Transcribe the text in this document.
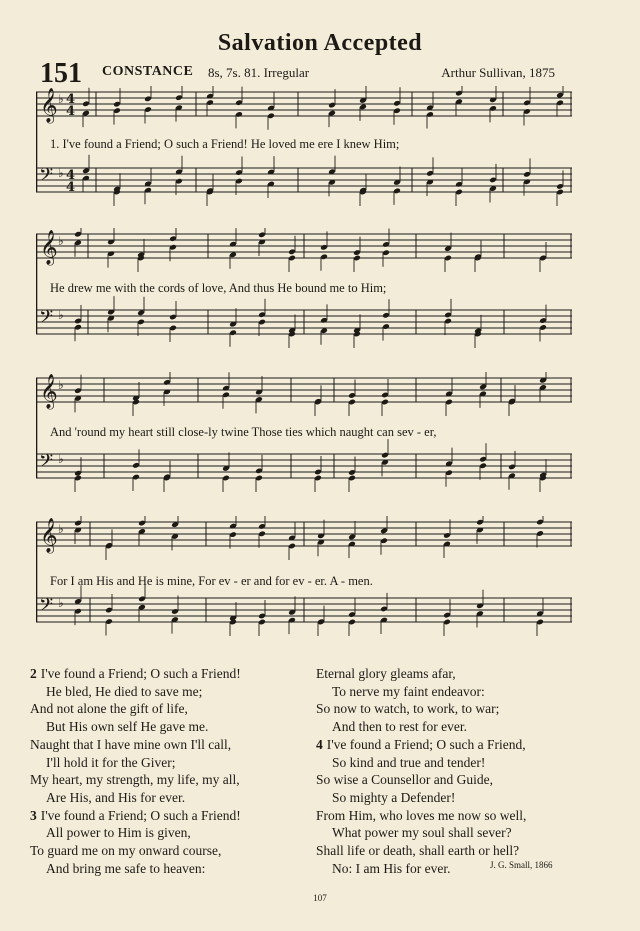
Salvation Accepted
151 CONSTANCE 8s, 7s. 81. Irregular	Arthur Sullivan, 1875
𝄞
𝄢
♭
♭
4
4
4
4
1. I've found a Friend; O such a Friend! He loved me ere I knew Him;
𝄞
𝄢
♭
♭
He drew me with the cords of love, And thus He bound me to Him;
𝄞
𝄢
♭
♭
And 'round my heart still close-ly twine Those ties which naught can sev - er,
𝄞
𝄢
♭
♭
For I am His and He is mine, For ev - er and for ev - er. A - men.
2 I've found a Friend; O such a Friend!
He bled, He died to save me;
And not alone the gift of life,
But His own self He gave me.
Naught that I have mine own I'll call,
I'll hold it for the Giver;
My heart, my strength, my life, my all,
Are His, and His for ever.
3 I've found a Friend; O such a Friend!
All power to Him is given,
To guard me on my onward course,
And bring me safe to heaven:
Eternal glory gleams afar,
To nerve my faint endeavor:
So now to watch, to work, to war;
And then to rest for ever.
4 I've found a Friend; O such a Friend,
So kind and true and tender!
So wise a Counsellor and Guide,
So mighty a Defender!
From Him, who loves me now so well,
What power my soul shall sever?
Shall life or death, shall earth or hell?
No: I am His for ever.	J. G. Small, 1866
107
